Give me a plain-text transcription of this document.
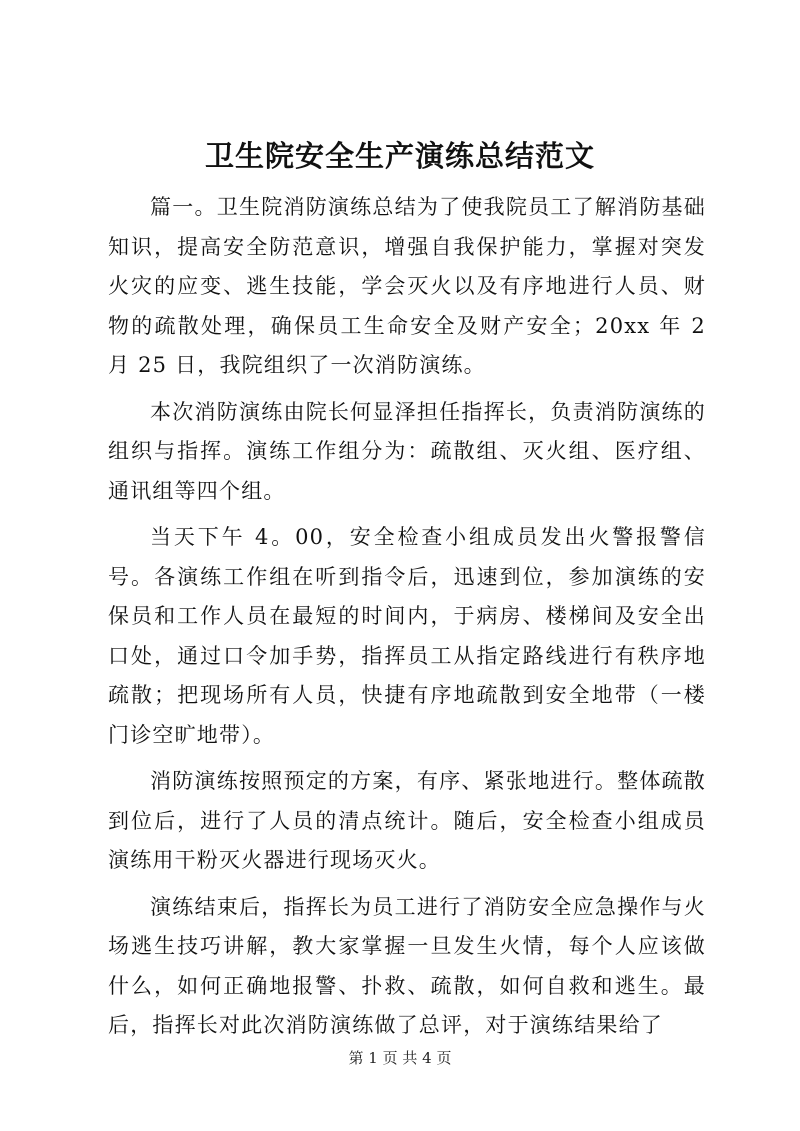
卫生院安全生产演练总结范文

篇一。卫生院消防演练总结为了使我院员工了解消防基础知识，提高安全防范意识，增强自我保护能力，掌握对突发火灾的应变、逃生技能，学会灭火以及有序地进行人员、财物的疏散处理，确保员工生命安全及财产安全；20xx 年 2 月 25 日，我院组织了一次消防演练。

本次消防演练由院长何显泽担任指挥长，负责消防演练的组织与指挥。演练工作组分为：疏散组、灭火组、医疗组、通讯组等四个组。

当天下午 4。00，安全检查小组成员发出火警报警信号。各演练工作组在听到指令后，迅速到位，参加演练的安保员和工作人员在最短的时间内，于病房、楼梯间及安全出口处，通过口令加手势，指挥员工从指定路线进行有秩序地疏散；把现场所有人员，快捷有序地疏散到安全地带（一楼门诊空旷地带）。

消防演练按照预定的方案，有序、紧张地进行。整体疏散到位后，进行了人员的清点统计。随后，安全检查小组成员演练用干粉灭火器进行现场灭火。

演练结束后，指挥长为员工进行了消防安全应急操作与火场逃生技巧讲解，教大家掌握一旦发生火情，每个人应该做什么，如何正确地报警、扑救、疏散，如何自救和逃生。最后，指挥长对此次消防演练做了总评，对于演练结果给了

第 1 页 共 4 页
